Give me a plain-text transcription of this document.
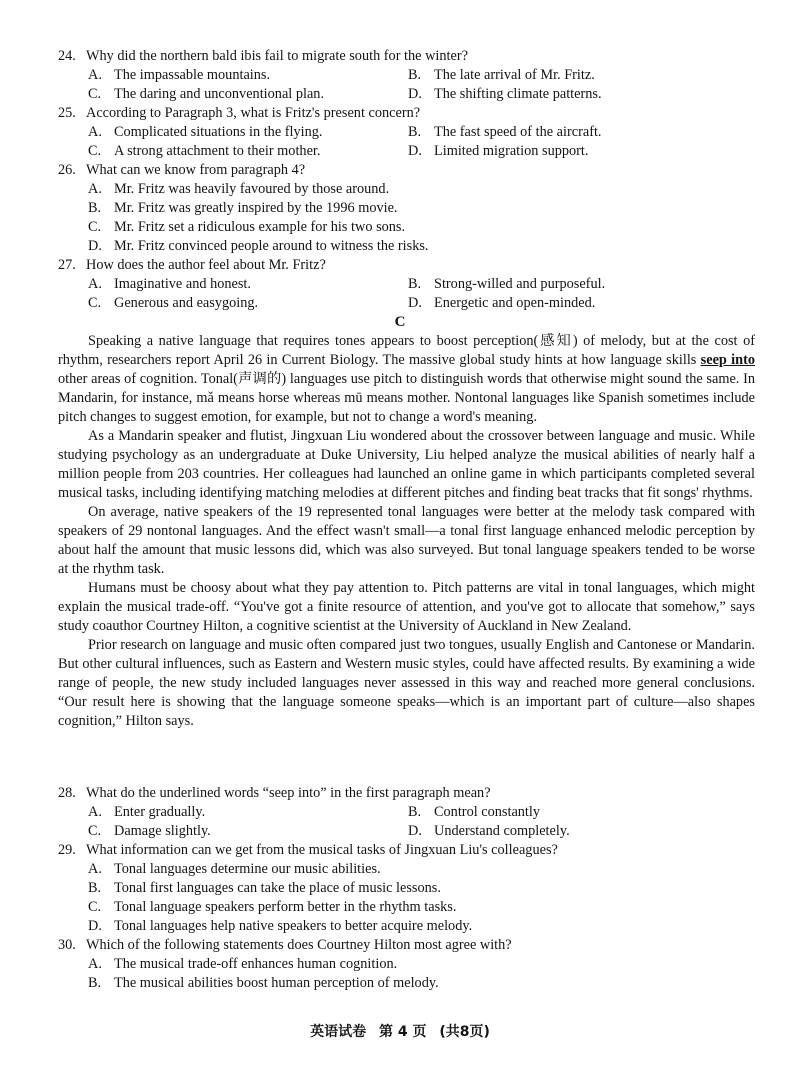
24. Why did the northern bald ibis fail to migrate south for the winter?
A. The impassable mountains.	B. The late arrival of Mr. Fritz.
C. The daring and unconventional plan.	D. The shifting climate patterns.
25. According to Paragraph 3, what is Fritz's present concern?
A. Complicated situations in the flying.	B. The fast speed of the aircraft.
C. A strong attachment to their mother.	D. Limited migration support.
26. What can we know from paragraph 4?
A. Mr. Fritz was heavily favoured by those around.
B. Mr. Fritz was greatly inspired by the 1996 movie.
C. Mr. Fritz set a ridiculous example for his two sons.
D. Mr. Fritz convinced people around to witness the risks.
27. How does the author feel about Mr. Fritz?
A. Imaginative and honest.	B. Strong-willed and purposeful.
C. Generous and easygoing.	D. Energetic and open-minded.
C
Speaking a native language that requires tones appears to boost perception(感知) of melody, but at the cost of rhythm, researchers report April 26 in Current Biology. The massive global study hints at how language skills seep into other areas of cognition. Tonal(声调的) languages use pitch to distinguish words that otherwise might sound the same. In Mandarin, for instance, mǎ means horse whereas mū means mother. Nontonal languages like Spanish sometimes include pitch changes to suggest emotion, for example, but not to change a word's meaning.
As a Mandarin speaker and flutist, Jingxuan Liu wondered about the crossover between language and music. While studying psychology as an undergraduate at Duke University, Liu helped analyze the musical abilities of nearly half a million people from 203 countries. Her colleagues had launched an online game in which participants completed several musical tasks, including identifying matching melodies at different pitches and finding beat tracks that fit songs' rhythms.
On average, native speakers of the 19 represented tonal languages were better at the melody task compared with speakers of 29 nontonal languages. And the effect wasn't small—a tonal first language enhanced melodic perception by about half the amount that music lessons did, which was also surveyed. But tonal language speakers tended to be worse at the rhythm task.
Humans must be choosy about what they pay attention to. Pitch patterns are vital in tonal languages, which might explain the musical trade-off. “You've got a finite resource of attention, and you've got to allocate that somehow,” says study coauthor Courtney Hilton, a cognitive scientist at the University of Auckland in New Zealand.
Prior research on language and music often compared just two tongues, usually English and Cantonese or Mandarin. But other cultural influences, such as Eastern and Western music styles, could have affected results. By examining a wide range of people, the new study included languages never assessed in this way and reached more general conclusions. “Our result here is showing that the language someone speaks—which is an important part of culture—also shapes cognition,” Hilton says.
28. What do the underlined words “seep into” in the first paragraph mean?
A. Enter gradually.	B. Control constantly
C. Damage slightly.	D. Understand completely.
29. What information can we get from the musical tasks of Jingxuan Liu's colleagues?
A. Tonal languages determine our music abilities.
B. Tonal first languages can take the place of music lessons.
C. Tonal language speakers perform better in the rhythm tasks.
D. Tonal languages help native speakers to better acquire melody.
30. Which of the following statements does Courtney Hilton most agree with?
A. The musical trade-off enhances human cognition.
B. The musical abilities boost human perception of melody.
英语试卷 第 4 页 (共8页)
